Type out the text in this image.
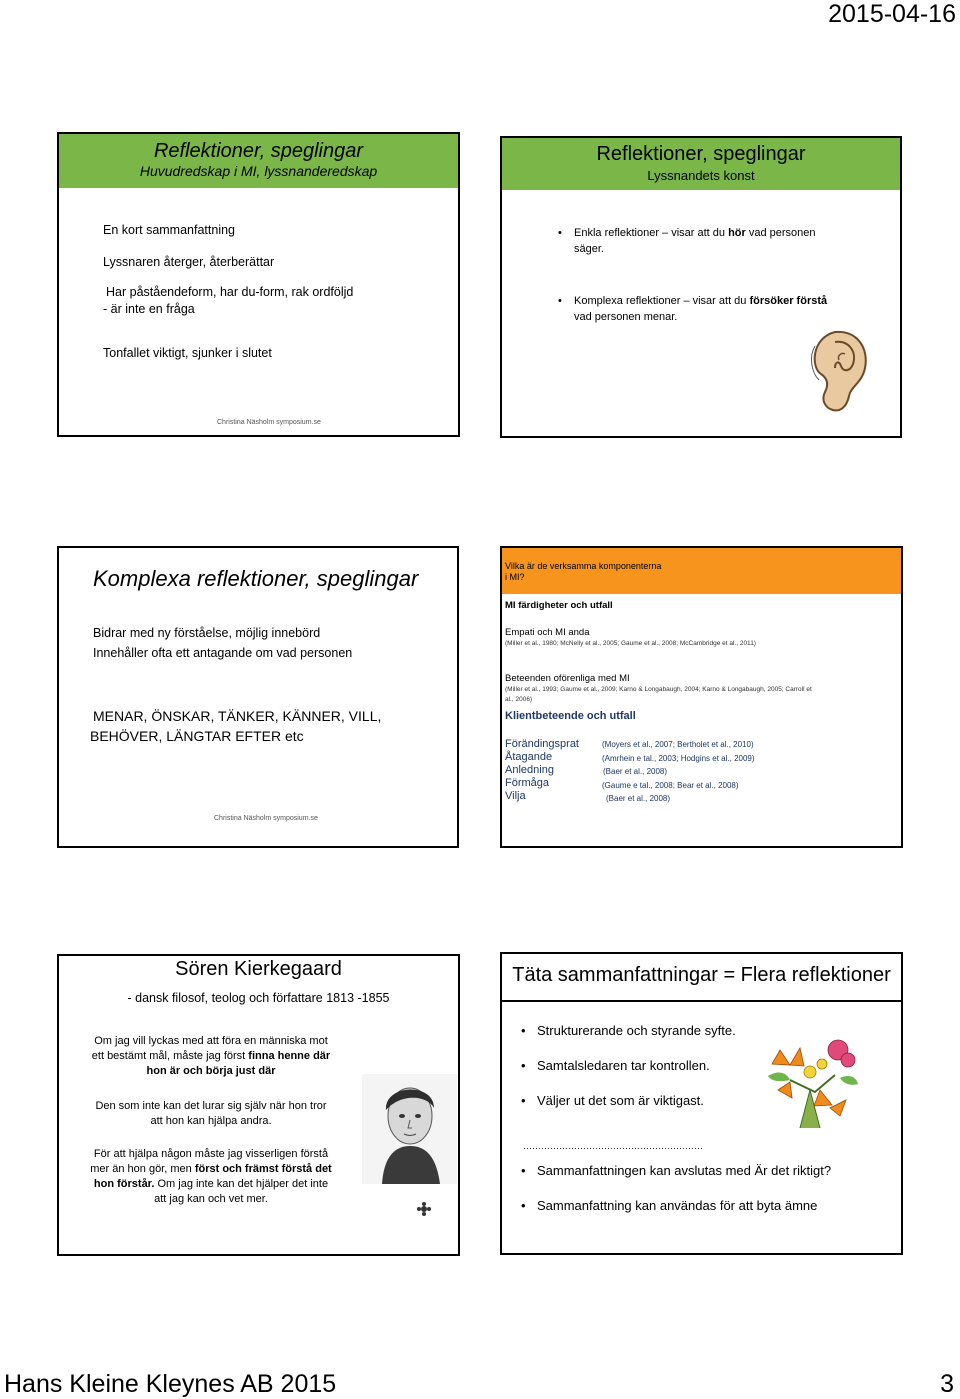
2015-04-16
Hans Kleine Kleynes AB 2015	3
Reflektioner, speglingar
Huvudredskap i MI, lyssnanderedskap
En kort sammanfattning
Lyssnaren återger, återberättar
Har påståendeform, har du-form, rak ordföljd
- är inte en fråga
Tonfallet viktigt, sjunker i slutet
Christina Näsholm symposium.se
Reflektioner, speglingar
Lyssnandets konst
• Enkla reflektioner – visar att du hör vad personen
säger.
• Komplexa reflektioner – visar att du försöker förstå
vad personen menar.
Komplexa reflektioner, speglingar
Bidrar med ny förståelse, möjlig innebörd
Innehåller ofta ett antagande om vad personen
MENAR, ÖNSKAR, TÄNKER, KÄNNER, VILL,
BEHÖVER, LÄNGTAR EFTER etc
Christina Näsholm symposium.se
Vilka är de verksamma komponenterna
i MI?
MI färdigheter och utfall
Empati och MI anda
(Miller et al., 1980; McNelly et al., 2005; Gaume et al., 2008; McCambridge et al., 2011)
Beteenden oförenliga med MI
(Miller et al., 1993; Gaume et al., 2009; Karno & Longabaugh, 2004; Karno & Longabaugh, 2005; Carroll et
al., 2006)
Klientbeteende och utfall
Förändingsprat	(Moyers et al., 2007; Bertholet et al., 2010)
Åtagande	(Amrhein e tal., 2003; Hodgins et al., 2009)
Anledning	(Baer et al., 2008)
Förmåga	(Gaume e tal., 2008; Bear et al., 2008)
Vilja	(Baer et al., 2008)
Sören Kierkegaard
- dansk filosof, teolog och författare 1813 -1855
Om jag vill lyckas med att föra en människa mot
ett bestämt mål, måste jag först finna henne där
hon är och börja just där
Den som inte kan det lurar sig själv när hon tror
att hon kan hjälpa andra.
För att hjälpa någon måste jag visserligen förstå
mer än hon gör, men först och främst förstå det
hon förstår. Om jag inte kan det hjälper det inte
att jag kan och vet mer.
Täta sammanfattningar = Flera reflektioner
• Strukturerande och styrande syfte.
• Samtalsledaren tar kontrollen.
• Väljer ut det som är viktigast.
……………………………………………………
• Sammanfattningen kan avslutas med Är det riktigt?
• Sammanfattning kan användas för att byta ämne
